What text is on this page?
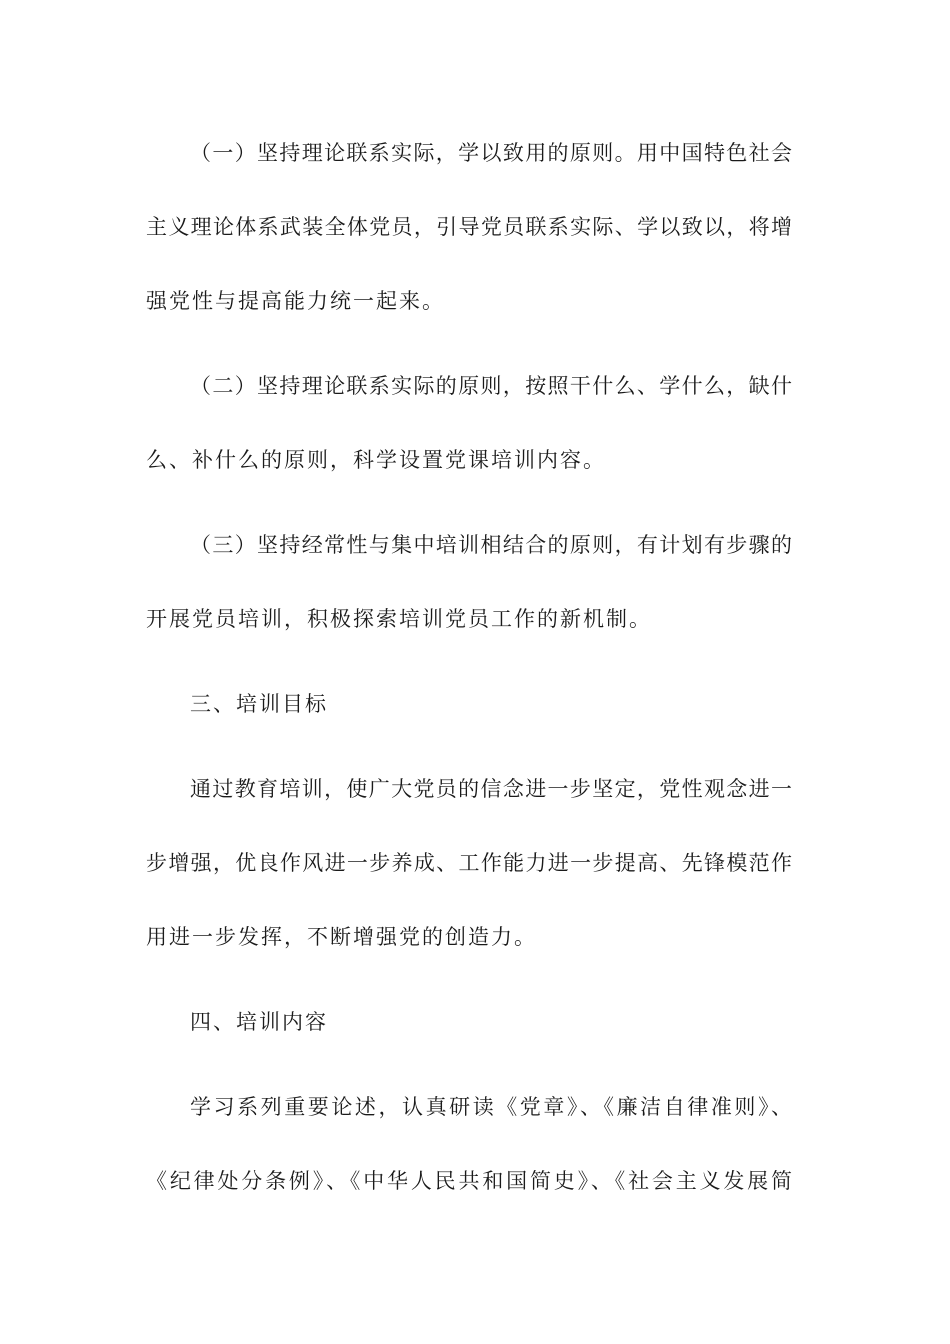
（一）坚持理论联系实际，学以致用的原则。用中国特色社会
主义理论体系武装全体党员，引导党员联系实际、学以致以，将增
强党性与提高能力统一起来。
（二）坚持理论联系实际的原则，按照干什么、学什么，缺什
么、补什么的原则，科学设置党课培训内容。
（三）坚持经常性与集中培训相结合的原则，有计划有步骤的
开展党员培训，积极探索培训党员工作的新机制。
三、培训目标
通过教育培训，使广大党员的信念进一步坚定，党性观念进一
步增强，优良作风进一步养成、工作能力进一步提高、先锋模范作
用进一步发挥，不断增强党的创造力。
四、培训内容
学习系列重要论述，认真研读《党章》、《廉洁自律准则》、
《纪律处分条例》、《中华人民共和国简史》、《社会主义发展简
